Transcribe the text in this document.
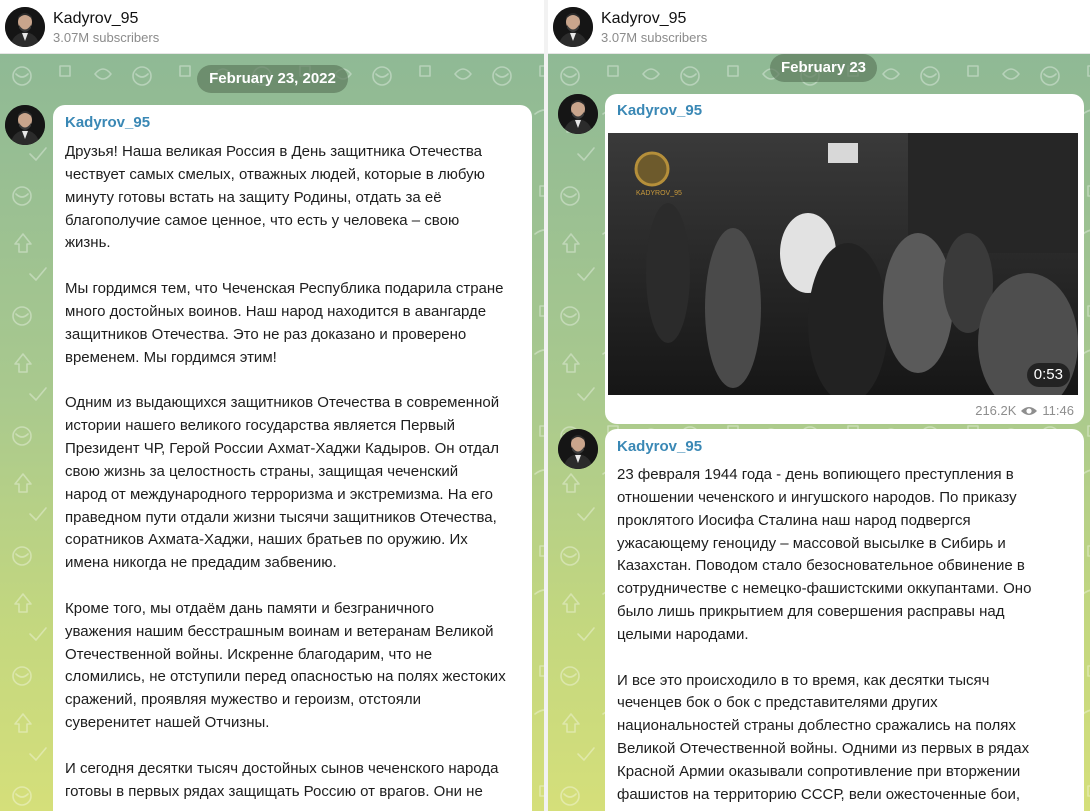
Kadyrov_95
3.07M subscribers
February 23, 2022
Kadyrov_95
Друзья! Наша великая Россия в День защитника Отечества
чествует самых смелых, отважных людей, которые в любую
минуту готовы встать на защиту Родины, отдать за её
благополучие самое ценное, что есть у человека – свою
жизнь.

Мы гордимся тем, что Чеченская Республика подарила стране
много достойных воинов. Наш народ находится в авангарде
защитников Отечества. Это не раз доказано и проверено
временем. Мы гордимся этим!

Одним из выдающихся защитников Отечества в современной
истории нашего великого государства является Первый
Президент ЧР, Герой России Ахмат-Хаджи Кадыров. Он отдал
свою жизнь за целостность страны, защищая чеченский
народ от международного терроризма и экстремизма. На его
праведном пути отдали жизни тысячи защитников Отечества,
соратников Ахмата-Хаджи, наших братьев по оружию. Их
имена никогда не предадим забвению.

Кроме того, мы отдаём дань памяти и безграничного
уважения нашим бесстрашным воинам и ветеранам Великой
Отечественной войны. Искренне благодарим, что не
сломились, не отступили перед опасностью на полях жестоких
сражений, проявляя мужество и героизм, отстояли
суверенитет нашей Отчизны.

И сегодня десятки тысяч достойных сынов чеченского народа
готовы в первых рядах защищать Россию от врагов. Они не
Kadyrov_95
3.07M subscribers
February 23
Kadyrov_95
KADYROV_95
0:53
216.2K 11:46
Kadyrov_95
23 февраля 1944 года - день вопиющего преступления в
отношении чеченского и ингушского народов. По приказу
проклятого Иосифа Сталина наш народ подвергся
ужасающему геноциду – массовой высылке в Сибирь и
Казахстан. Поводом стало безосновательное обвинение в
сотрудничестве с немецко-фашистскими оккупантами. Оно
было лишь прикрытием для совершения расправы над
целыми народами.

И все это происходило в то время, как десятки тысяч
чеченцев бок о бок с представителями других
национальностей страны доблестно сражались на полях
Великой Отечественной войны. Одними из первых в рядах
Красной Армии оказывали сопротивление при вторжении
фашистов на территорию СССР, вели ожесточенные бои,
